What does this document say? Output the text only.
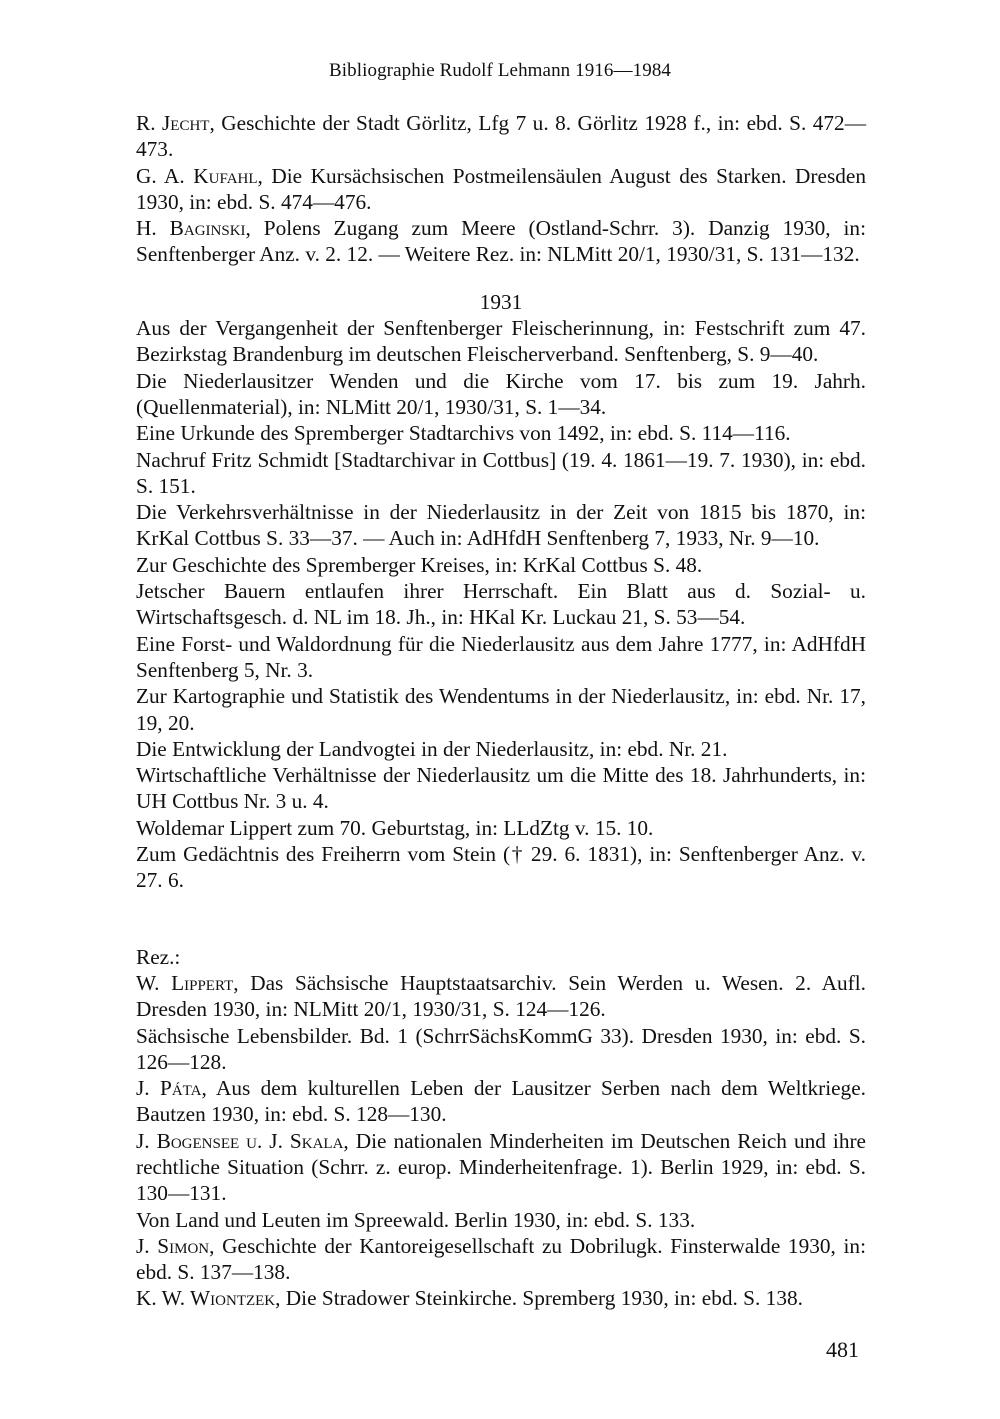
Bibliographie Rudolf Lehmann 1916—1984

R. Jecht, Geschichte der Stadt Görlitz, Lfg 7 u. 8. Görlitz 1928 f., in: ebd. S. 472—473.

G. A. Kufahl, Die Kursächsischen Postmeilensäulen August des Starken. Dresden 1930, in: ebd. S. 474—476.

H. Baginski, Polens Zugang zum Meere (Ostland-Schrr. 3). Danzig 1930, in: Senftenberger Anz. v. 2. 12. — Weitere Rez. in: NLMitt 20/1, 1930/31, S. 131—132.

1931

Aus der Vergangenheit der Senftenberger Fleischerinnung, in: Festschrift zum 47. Bezirkstag Brandenburg im deutschen Fleischerverband. Senftenberg, S. 9—40.

Die Niederlausitzer Wenden und die Kirche vom 17. bis zum 19. Jahrh. (Quellenmaterial), in: NLMitt 20/1, 1930/31, S. 1—34.

Eine Urkunde des Spremberger Stadtarchivs von 1492, in: ebd. S. 114—116.

Nachruf Fritz Schmidt [Stadtarchivar in Cottbus] (19. 4. 1861—19. 7. 1930), in: ebd. S. 151.

Die Verkehrsverhältnisse in der Niederlausitz in der Zeit von 1815 bis 1870, in: KrKal Cottbus S. 33—37. — Auch in: AdHfdH Senftenberg 7, 1933, Nr. 9—10.

Zur Geschichte des Spremberger Kreises, in: KrKal Cottbus S. 48.

Jetscher Bauern entlaufen ihrer Herrschaft. Ein Blatt aus d. Sozial- u. Wirtschaftsgesch. d. NL im 18. Jh., in: HKal Kr. Luckau 21, S. 53—54.

Eine Forst- und Waldordnung für die Niederlausitz aus dem Jahre 1777, in: AdHfdH Senftenberg 5, Nr. 3.

Zur Kartographie und Statistik des Wendentums in der Niederlausitz, in: ebd. Nr. 17, 19, 20.

Die Entwicklung der Landvogtei in der Niederlausitz, in: ebd. Nr. 21.

Wirtschaftliche Verhältnisse der Niederlausitz um die Mitte des 18. Jahrhunderts, in: UH Cottbus Nr. 3 u. 4.

Woldemar Lippert zum 70. Geburtstag, in: LLdZtg v. 15. 10.

Zum Gedächtnis des Freiherrn vom Stein († 29. 6. 1831), in: Senftenberger Anz. v. 27. 6.

Rez.:

W. Lippert, Das Sächsische Hauptstaatsarchiv. Sein Werden u. Wesen. 2. Aufl. Dresden 1930, in: NLMitt 20/1, 1930/31, S. 124—126.

Sächsische Lebensbilder. Bd. 1 (SchrrSächsKommG 33). Dresden 1930, in: ebd. S. 126—128.

J. Páta, Aus dem kulturellen Leben der Lausitzer Serben nach dem Weltkriege. Bautzen 1930, in: ebd. S. 128—130.

J. Bogensee u. J. Skala, Die nationalen Minderheiten im Deutschen Reich und ihre rechtliche Situation (Schrr. z. europ. Minderheitenfrage. 1). Berlin 1929, in: ebd. S. 130—131.

Von Land und Leuten im Spreewald. Berlin 1930, in: ebd. S. 133.

J. Simon, Geschichte der Kantoreigesellschaft zu Dobrilugk. Finsterwalde 1930, in: ebd. S. 137—138.

K. W. Wiontzek, Die Stradower Steinkirche. Spremberg 1930, in: ebd. S. 138.

481
